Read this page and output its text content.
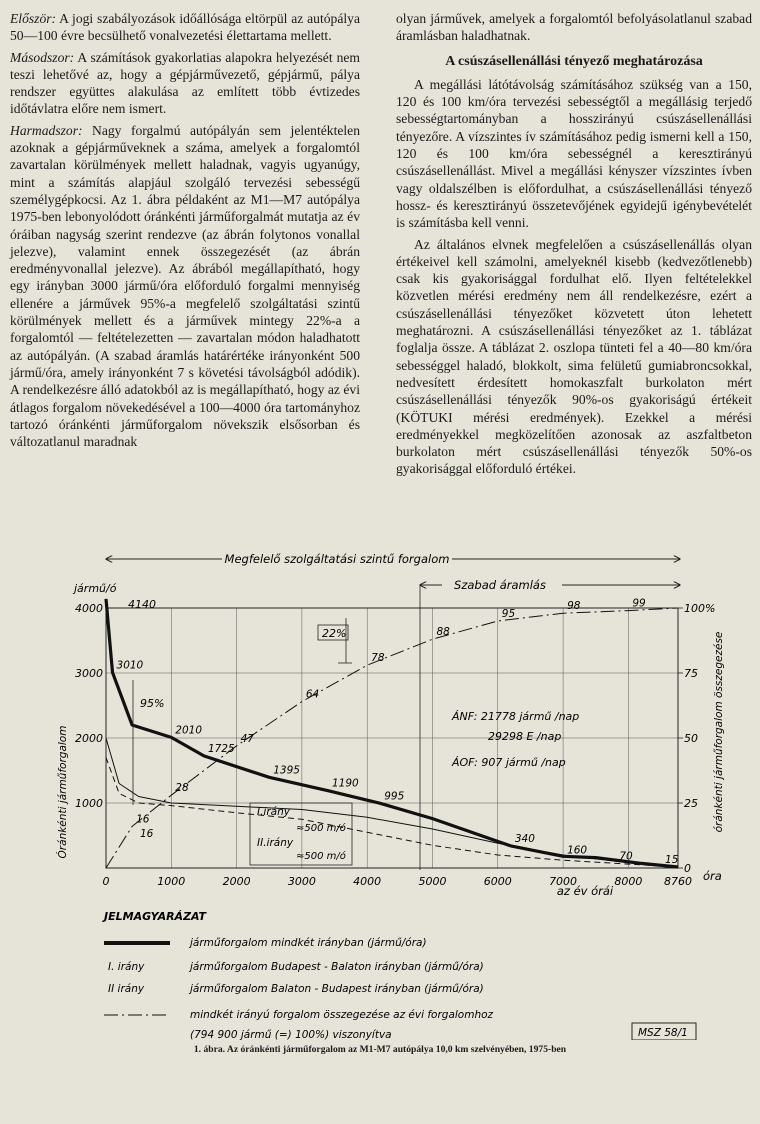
Először: A jogi szabályozások időállósága eltörpül az autópálya 50—100 évre becsülhető vonalvezetési élettartama mellett.

Másodszor: A számítások gyakorlatias alapokra helyezését nem teszi lehetővé az, hogy a gépjárművezető, gépjármű, pálya rendszer együttes alakulása az említett több évtizedes időtávlatra előre nem ismert.

Harmadszor: Nagy forgalmú autópályán sem jelentéktelen azoknak a gépjárműveknek a száma, amelyek a forgalomtól zavartalan körülmények mellett haladnak, vagyis ugyanúgy, mint a számítás alapjául szolgáló tervezési sebességű személygépkocsi. Az 1. ábra példaként az M1—M7 autópálya 1975-ben lebonyolódott óránkénti járműforgalmát mutatja az év óráiban nagyság szerint rendezve (az ábrán folytonos vonallal jelezve), valamint ennek összegezését (az ábrán eredményvonallal jelezve). Az ábrából megállapítható, hogy egy irányban 3000 jármű/óra előforduló forgalmi mennyiség ellenére a járművek 95%-a megfelelő szolgáltatási szintű körülmények mellett és a járművek mintegy 22%-a a forgalomtól — feltételezetten — zavartalan módon haladhatott az autópályán. (A szabad áramlás határértéke irányonként 500 jármű/óra, amely irányonként 7 s követési távolságból adódik). A rendelkezésre álló adatokból az is megállapítható, hogy az évi átlagos forgalom növekedésével a 100—4000 óra tartományhoz tartozó óránkénti járműforgalom növekszik elsősorban és változatlanul maradnak

olyan járművek, amelyek a forgalomtól befolyásolatlanul szabad áramlásban haladhatnak.

A csúszásellenállási tényező meghatározása

A megállási látótávolság számításához szükség van a 150, 120 és 100 km/óra tervezési sebességtől a megállásig terjedő sebességtartományban a hosszirányú csúszásellenállási tényezőre. A vízszintes ív számításához pedig ismerni kell a 150, 120 és 100 km/óra sebességnél a keresztirányú csúszásellenállást. Mivel a megállási kényszer vízszintes ívben vagy oldalszélben is előfordulhat, a csúszásellenállási tényező hossz- és keresztirányú összetevőjének egyidejű igénybevételét is számításba kell venni.

Az általános elvnek megfelelően a csúszásellenállás olyan értékeivel kell számolni, amelyeknél kisebb (kedvezőtlenebb) csak kis gyakorisággal fordulhat elő. Ilyen feltételekkel közvetlen mérési eredmény nem áll rendelkezésre, ezért a csúszásellenállási tényezőket közvetett úton lehetett meghatározni. A csúszásellenállási tényezőket az 1. táblázat foglalja össze. A táblázat 2. oszlopa tünteti fel a 40—80 km/óra sebességgel haladó, blokkolt, sima felületű gumiabroncsokkal, nedvesített érdesített homokaszfalt burkolaton mért csúszásellenállási tényezők 90%-os gyakoriságú értékeit (KÖTUKI mérési eredmények). Ezekkel a mérési eredményekkel megközelítően azonosak az aszfaltbeton burkolaton mért csúszásellenállási tényezők 50%-os gyakorisággal előforduló értékei.

Megfelelő szolgáltatási szintű forgalom
Szabad áramlás
jármű/ó
Óránkénti járműforgalom	óránkénti járműforgalom összegezése
az év órái
óra
0	1000	2000	3000	4000	5000	6000	7000	8000 8760
1000
2000
3000
4000
0
25
50
75
100%
3010
2010
1725
1395
1190
995
340
160	70	15
16
28
47
64
78
88
95
98	99
4140
22%
95%
16
I.irány
≈500 m/ó
II.irány
≈500 m/ó
ÁNF: 21778 jármű /nap
29298 E /nap
ÁOF: 907 jármű /nap
JELMAGYARÁZAT
járműforgalom mindkét irányban (jármű/óra)
I. irány	járműforgalom Budapest - Balaton irányban (jármű/óra)
II irány	járműforgalom Balaton - Budapest irányban (jármű/óra)
mindkét irányú forgalom összegezése az évi forgalomhoz
(794 900 jármű (=) 100%) viszonyítva	MSZ 58/1
1. ábra. Az óránkénti járműforgalom az M1-M7 autópálya 10,0 km szelvényében, 1975-ben
